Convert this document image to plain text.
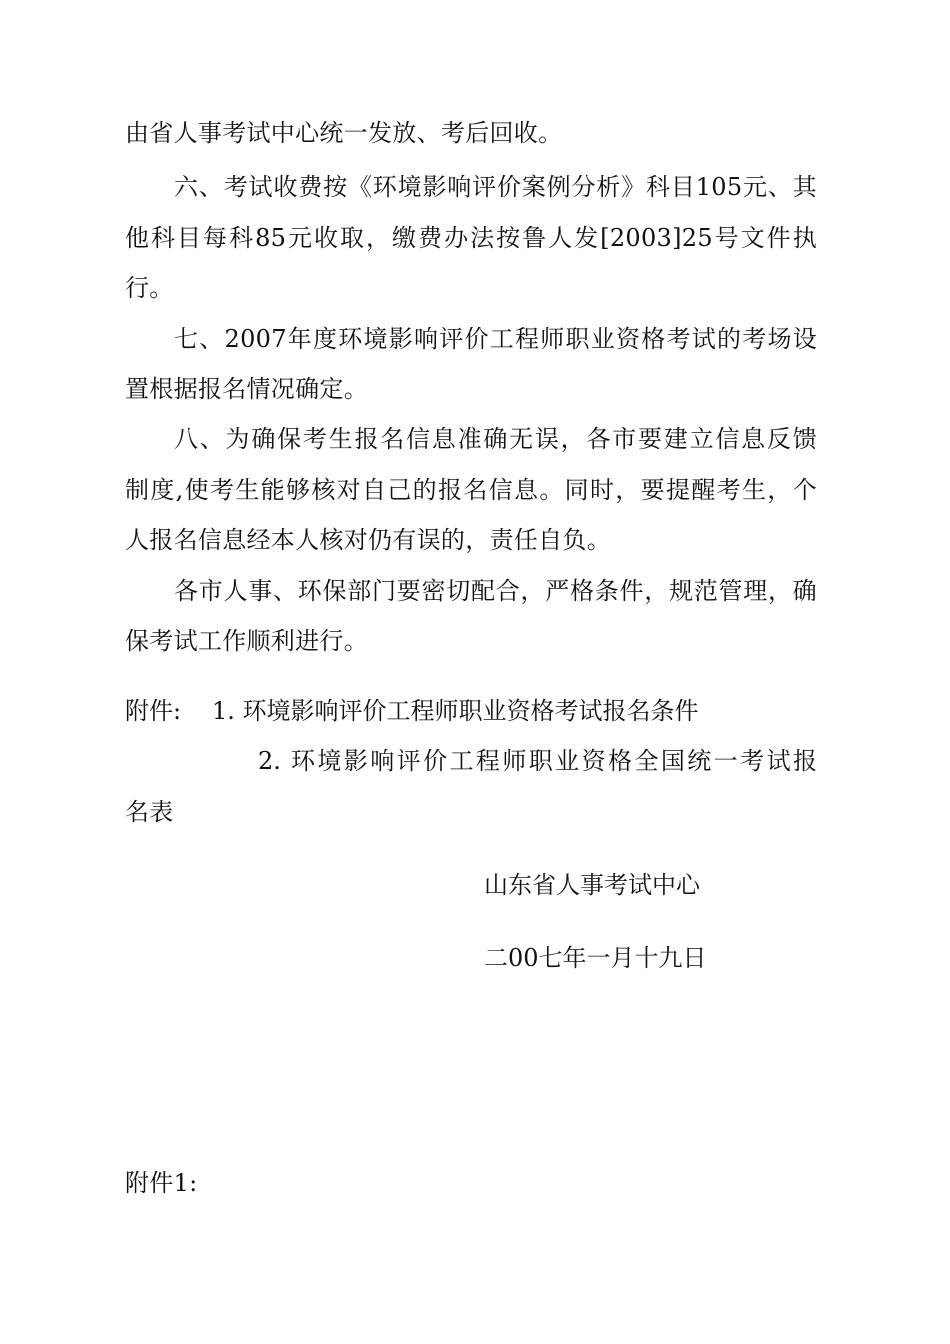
由省人事考试中心统一发放、考后回收。
六、考试收费按《环境影响评价案例分析》科目105元、其
他科目每科85元收取，缴费办法按鲁人发[2003]25号文件执
行。
七、2007年度环境影响评价工程师职业资格考试的考场设
置根据报名情况确定。
八、为确保考生报名信息准确无误，各市要建立信息反馈
制度,使考生能够核对自己的报名信息。同时，要提醒考生，个
人报名信息经本人核对仍有误的，责任自负。
各市人事、环保部门要密切配合，严格条件，规范管理，确
保考试工作顺利进行。
附件: 1. 环境影响评价工程师职业资格考试报名条件
2. 环境影响评价工程师职业资格全国统一考试报
名表
山东省人事考试中心
二00七年一月十九日
附件1:
